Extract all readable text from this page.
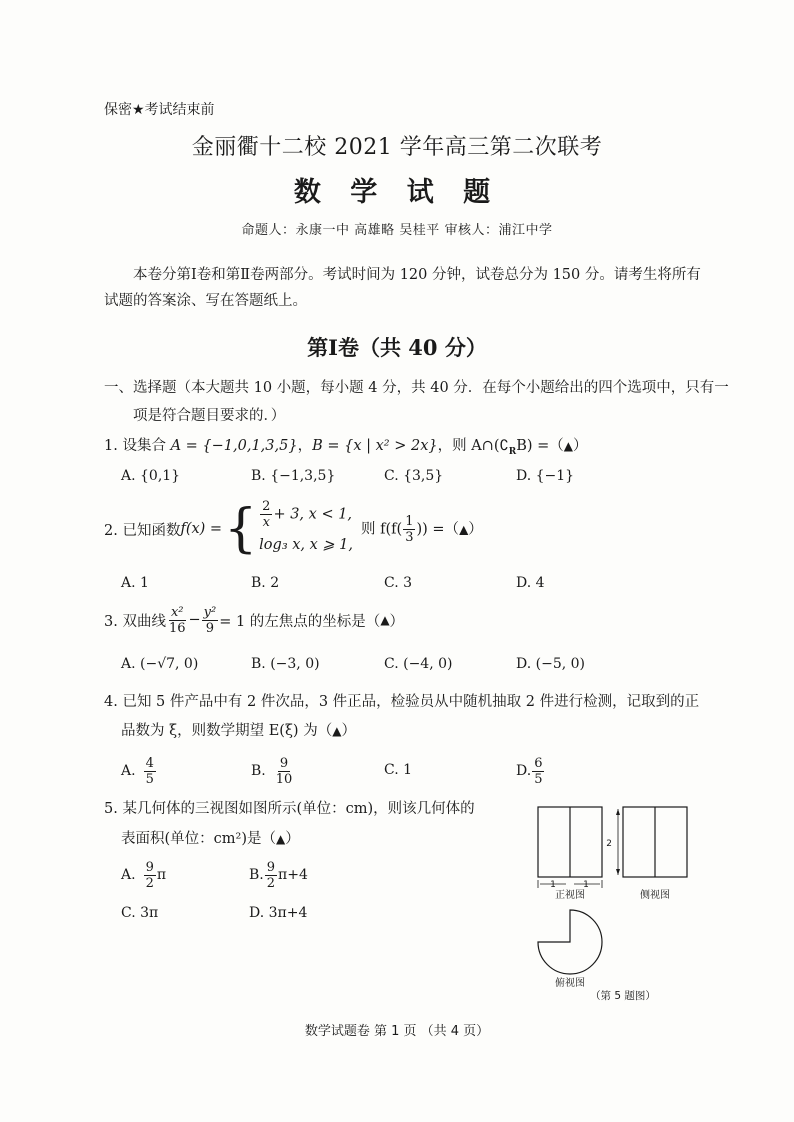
保密★考试结束前
金丽衢十二校 2021 学年高三第二次联考
数 学 试 题
命题人：永康一中 高雄略 吴桂平 审核人：浦江中学
本卷分第Ⅰ卷和第Ⅱ卷两部分。考试时间为 120 分钟，试卷总分为 150 分。请考生将所有试题的答案涂、写在答题纸上。
第Ⅰ卷（共 40 分）
一、选择题（本大题共 10 小题，每小题 4 分，共 40 分．在每个小题给出的四个选项中，只有一项是符合题目要求的．）
1. 设集合 A = {−1,0,1,3,5}，B = {x | x² > 2x}，则 $A\cap(∁_RB)$ =（▲）
A. {0,1}	B. {−1,3,5}	C. {3,5}	D. {−1}
2. 已知函数 f(x) = { $\frac{2}{x} + 3$, x < 1,
log₃ x, x ⩾ 1,
则 $f(f( \frac{1}{3}$ )) =（▲）
A. 1	B. 2	C. 3	D. 4
3. 双曲线 $\frac{\text{x²}}{16} - \frac{\text{y²}}{9} = 1$ 的左焦点的坐标是（ ▲ ）
A. (−√7, 0)	B. (−3, 0)	C. (−4, 0)	D. (−5, 0)
4. 已知 5 件产品中有 2 件次品，3 件正品，检验员从中随机抽取 2 件进行检测，记取到的正
品数为 ξ，则数学期望 E(ξ) 为（▲）
A. $\frac{4}{5}$	B. $\frac{9}{10}$	C. 1	D. $\frac{6}{5}$
5. 某几何体的三视图如图所示(单位：cm)，则该几何体的
表面积(单位：cm²)是（▲）
A. $\frac{9}{2}$ π	B. $\frac{9}{2} \pi+4$
C. 3π	D. 3π+4
2
1	1
正视图	侧视图
俯视图
（第 5 题图）
数学试题卷 第 1 页 （共 4 页）
